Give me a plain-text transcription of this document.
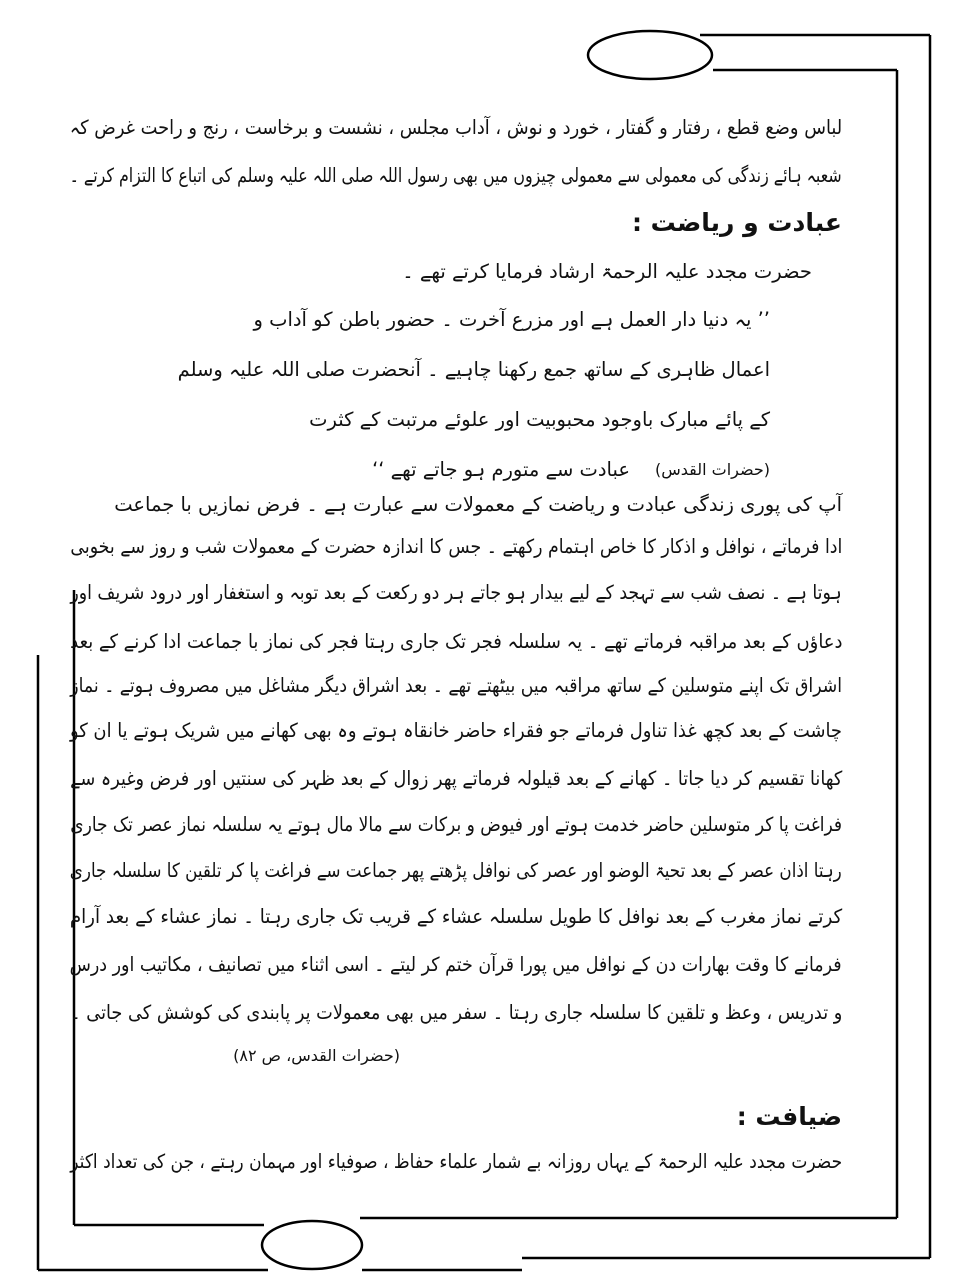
لباس وضع قطع ، رفتار و گفتار ، خورد و نوش ، آداب مجلس ، نشست و برخاست ، رنج و راحت غرض کہ
شعبہ ہائے زندگی کی معمولی سے معمولی چیزوں میں بھی رسول اللہ صلی اللہ علیہ وسلم کی اتباع کا التزام کرتے ۔
عبادت و ریاضت :
حضرت مجدد علیہ الرحمۃ ارشاد فرمایا کرتے تھے ۔
’’ یہ دنیا دار العمل ہے اور مزرع آخرت ۔ حضور باطن کو آداب و
اعمال ظاہری کے ساتھ جمع رکھنا چاہیے ۔ آنحضرت صلی اللہ علیہ وسلم
کے پائے مبارک باوجود محبوبیت اور علوئے مرتبت کے کثرت
عبادت سے متورم ہو جاتے تھے ‘‘ (حضرات القدس)
آپ کی پوری زندگی عبادت و ریاضت کے معمولات سے عبارت ہے ۔ فرض نمازیں با جماعت
ادا فرماتے ، نوافل و اذکار کا خاص اہتمام رکھتے ۔ جس کا اندازہ حضرت کے معمولات شب و روز سے بخوبی
ہوتا ہے ۔ نصف شب سے تہجد کے لیے بیدار ہو جاتے ہر دو رکعت کے بعد توبہ و استغفار اور درود شریف اور
دعاؤں کے بعد مراقبہ فرماتے تھے ۔ یہ سلسلہ فجر تک جاری رہتا فجر کی نماز با جماعت ادا کرنے کے بعد
اشراق تک اپنے متوسلین کے ساتھ مراقبہ میں بیٹھتے تھے ۔ بعد اشراق دیگر مشاغل میں مصروف ہوتے ۔ نماز
چاشت کے بعد کچھ غذا تناول فرماتے جو فقراء حاضر خانقاہ ہوتے وہ بھی کھانے میں شریک ہوتے یا ان کو
کھانا تقسیم کر دیا جاتا ۔ کھانے کے بعد قیلولہ فرماتے پھر زوال کے بعد ظہر کی سنتیں اور فرض وغیرہ سے
فراغت پا کر متوسلین حاضر خدمت ہوتے اور فیوض و برکات سے مالا مال ہوتے یہ سلسلہ نماز عصر تک جاری
رہتا اذان عصر کے بعد تحیۃ الوضو اور عصر کی نوافل پڑھتے پھر جماعت سے فراغت پا کر تلقین کا سلسلہ جاری
کرتے نماز مغرب کے بعد نوافل کا طویل سلسلہ عشاء کے قریب تک جاری رہتا ۔ نماز عشاء کے بعد آرام
فرمانے کا وقت بھارات دن کے نوافل میں پورا قرآن ختم کر لیتے ۔ اسی اثناء میں تصانیف ، مکاتیب اور درس
و تدریس ، وعظ و تلقین کا سلسلہ جاری رہتا ۔ سفر میں بھی معمولات پر پابندی کی کوشش کی جاتی ۔
(حضرات القدس، ص ۸۲)
ضیافت :
حضرت مجدد علیہ الرحمۃ کے یہاں روزانہ بے شمار علماء حفاظ ، صوفیاء اور مہمان رہتے ، جن کی تعداد اکثر
